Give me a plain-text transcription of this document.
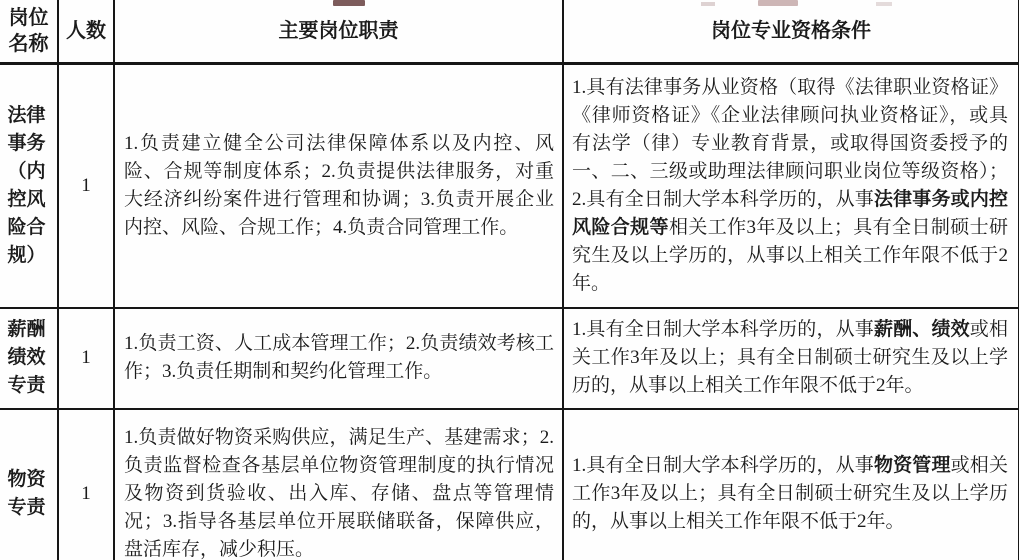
岗位名称	人数	主要岗位职责	岗位专业资格条件

法律事务（内控风险合规）	1	1.负责建立健全公司法律保障体系以及内控、风险、合规等制度体系；2.负责提供法律服务，对重大经济纠纷案件进行管理和协调；3.负责开展企业内控、风险、合规工作；4.负责合同管理工作。	1.具有法律事务从业资格（取得《法律职业资格证》《律师资格证》《企业法律顾问执业资格证》，或具有法学（律）专业教育背景，或取得国资委授予的一、二、三级或助理法律顾问职业岗位等级资格）；2.具有全日制大学本科学历的，从事法律事务或内控风险合规等相关工作3年及以上；具有全日制硕士研究生及以上学历的，从事以上相关工作年限不低于2年。

薪酬绩效专责	1	1.负责工资、人工成本管理工作；2.负责绩效考核工作；3.负责任期制和契约化管理工作。	1.具有全日制大学本科学历的，从事薪酬、绩效或相关工作3年及以上；具有全日制硕士研究生及以上学历的，从事以上相关工作年限不低于2年。

物资专责	1	1.负责做好物资采购供应，满足生产、基建需求；2.负责监督检查各基层单位物资管理制度的执行情况及物资到货验收、出入库、存储、盘点等管理情况；3.指导各基层单位开展联储联备，保障供应，盘活库存，减少积压。	1.具有全日制大学本科学历的，从事物资管理或相关工作3年及以上；具有全日制硕士研究生及以上学历的，从事以上相关工作年限不低于2年。
